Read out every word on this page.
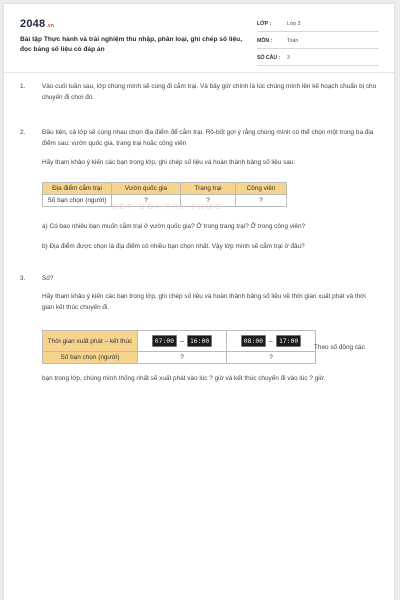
2048.vn
Bài tập Thực hành và trải nghiệm thu nhập, phân loại, ghi chép số liệu, đọc bảng số liệu có đáp án
LỚP :	Lớp 3
MÔN :	Toán
SỐ CÂU : 3
1.	Vào cuối tuần sau, lớp chúng mình sẽ cùng đi cắm trại. Và bây giờ chính là lúc chúng mình lên kế hoạch chuẩn bị cho chuyến đi chơi đó.
2.	Đầu tiên, cả lớp sẽ cùng nhau chọn địa điểm để cắm trại. Rô-bốt gợi ý rằng chúng mình có thể chọn một trong ba địa điểm sau: vườn quốc gia, trang trại hoặc công viên
Hãy tham khảo ý kiến các bạn trong lớp, ghi chép số liệu và hoàn thành bảng số liệu sau:
Địa điểm cắm trại	Vườn quốc gia	Trang trại	Công viên
Số bạn chọn (người)	?	?	?
KẾT NỐI TRI THỨC
a) Có bao nhiêu bạn muốn cắm trại ở vườn quốc gia? Ở trong trang trại? Ở trong công viên?
b) Địa điểm được chọn là địa điểm có nhiều bạn chọn nhất. Vậy lớp mình sẽ cắm trại ở đâu?
3.	Số?
Hãy tham khảo ý kiến các bạn trong lớp, ghi chép số liệu và hoàn thành bảng số liệu về thời gian xuất phát và thời gian kết thúc chuyến đi.
Thời gian xuất phát – kết thúc	07:00 – 16:00	08:00 – 17:00
Số bạn chọn (người)	?	?
Theo số đông các
bạn trong lớp, chúng mình thống nhất sẽ xuất phát vào lúc ? giờ và kết thúc chuyến đi vào lúc ? giờ.
